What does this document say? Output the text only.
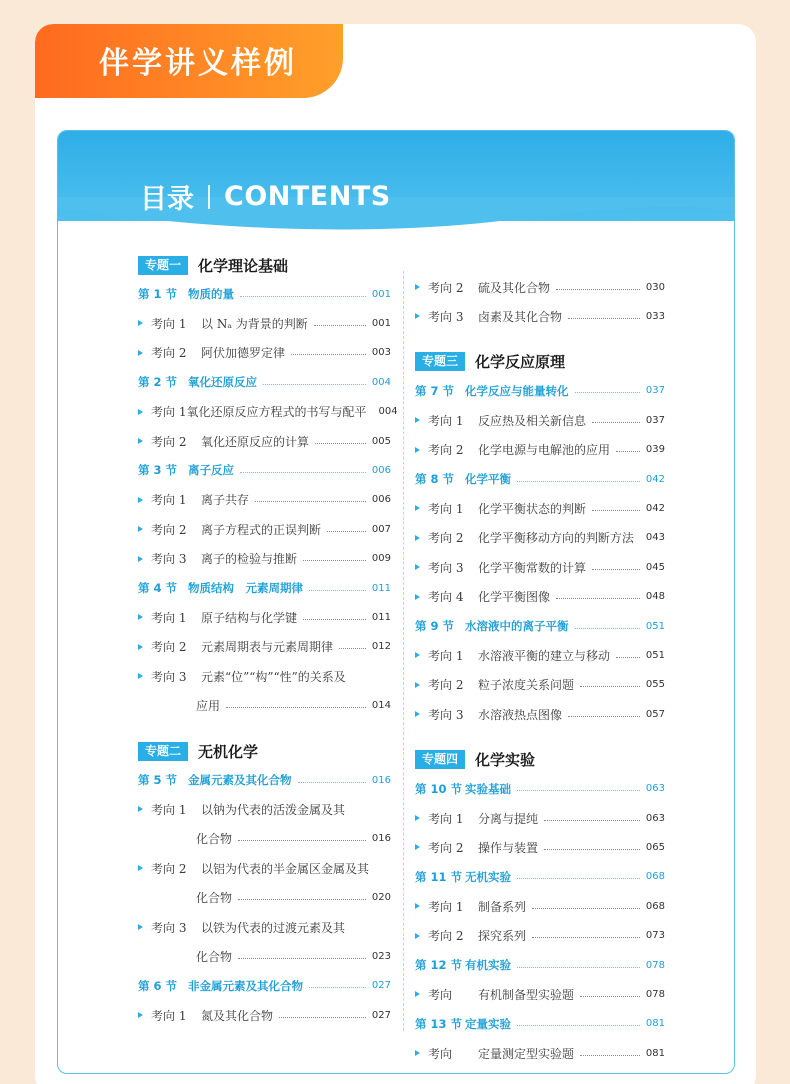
伴学讲义样例
目录 CONTENTS
专题一	化学理论基础
第 1 节 物质的量	001
考向 1	以 Nₐ 为背景的判断	001
考向 2	阿伏加德罗定律	003
第 2 节 氧化还原反应	004
考向 1 氧化还原反应方程式的书写与配平 004
考向 2	氧化还原反应的计算	005
第 3 节 离子反应	006
考向 1	离子共存	006
考向 2	离子方程式的正误判断	007
考向 3	离子的检验与推断	009
第 4 节 物质结构　元素周期律	011
考向 1	原子结构与化学键	011
考向 2	元素周期表与元素周期律	012
考向 3	元素“位”“构”“性”的关系及
应用	014
专题二	无机化学
第 5 节 金属元素及其化合物	016
考向 1	以钠为代表的活泼金属及其
化合物	016
考向 2	以铝为代表的半金属区金属及其
化合物	020
考向 3	以铁为代表的过渡元素及其
化合物	023
第 6 节 非金属元素及其化合物	027
考向 1	氮及其化合物	027
考向 2	硫及其化合物	030
考向 3	卤素及其化合物	033
专题三	化学反应原理
第 7 节 化学反应与能量转化	037
考向 1	反应热及相关新信息	037
考向 2	化学电源与电解池的应用	039
第 8 节 化学平衡	042
考向 1	化学平衡状态的判断	042
考向 2	化学平衡移动方向的判断方法 043
考向 3	化学平衡常数的计算	045
考向 4	化学平衡图像	048
第 9 节 水溶液中的离子平衡	051
考向 1	水溶液平衡的建立与移动	051
考向 2	粒子浓度关系问题	055
考向 3	水溶液热点图像	057
专题四	化学实验
第 10 节 实验基础	063
考向 1	分离与提纯	063
考向 2	操作与装置	065
第 11 节 无机实验	068
考向 1	制备系列	068
考向 2	探究系列	073
第 12 节 有机实验	078
考向	有机制备型实验题	078
第 13 节 定量实验	081
考向	定量测定型实验题	081
